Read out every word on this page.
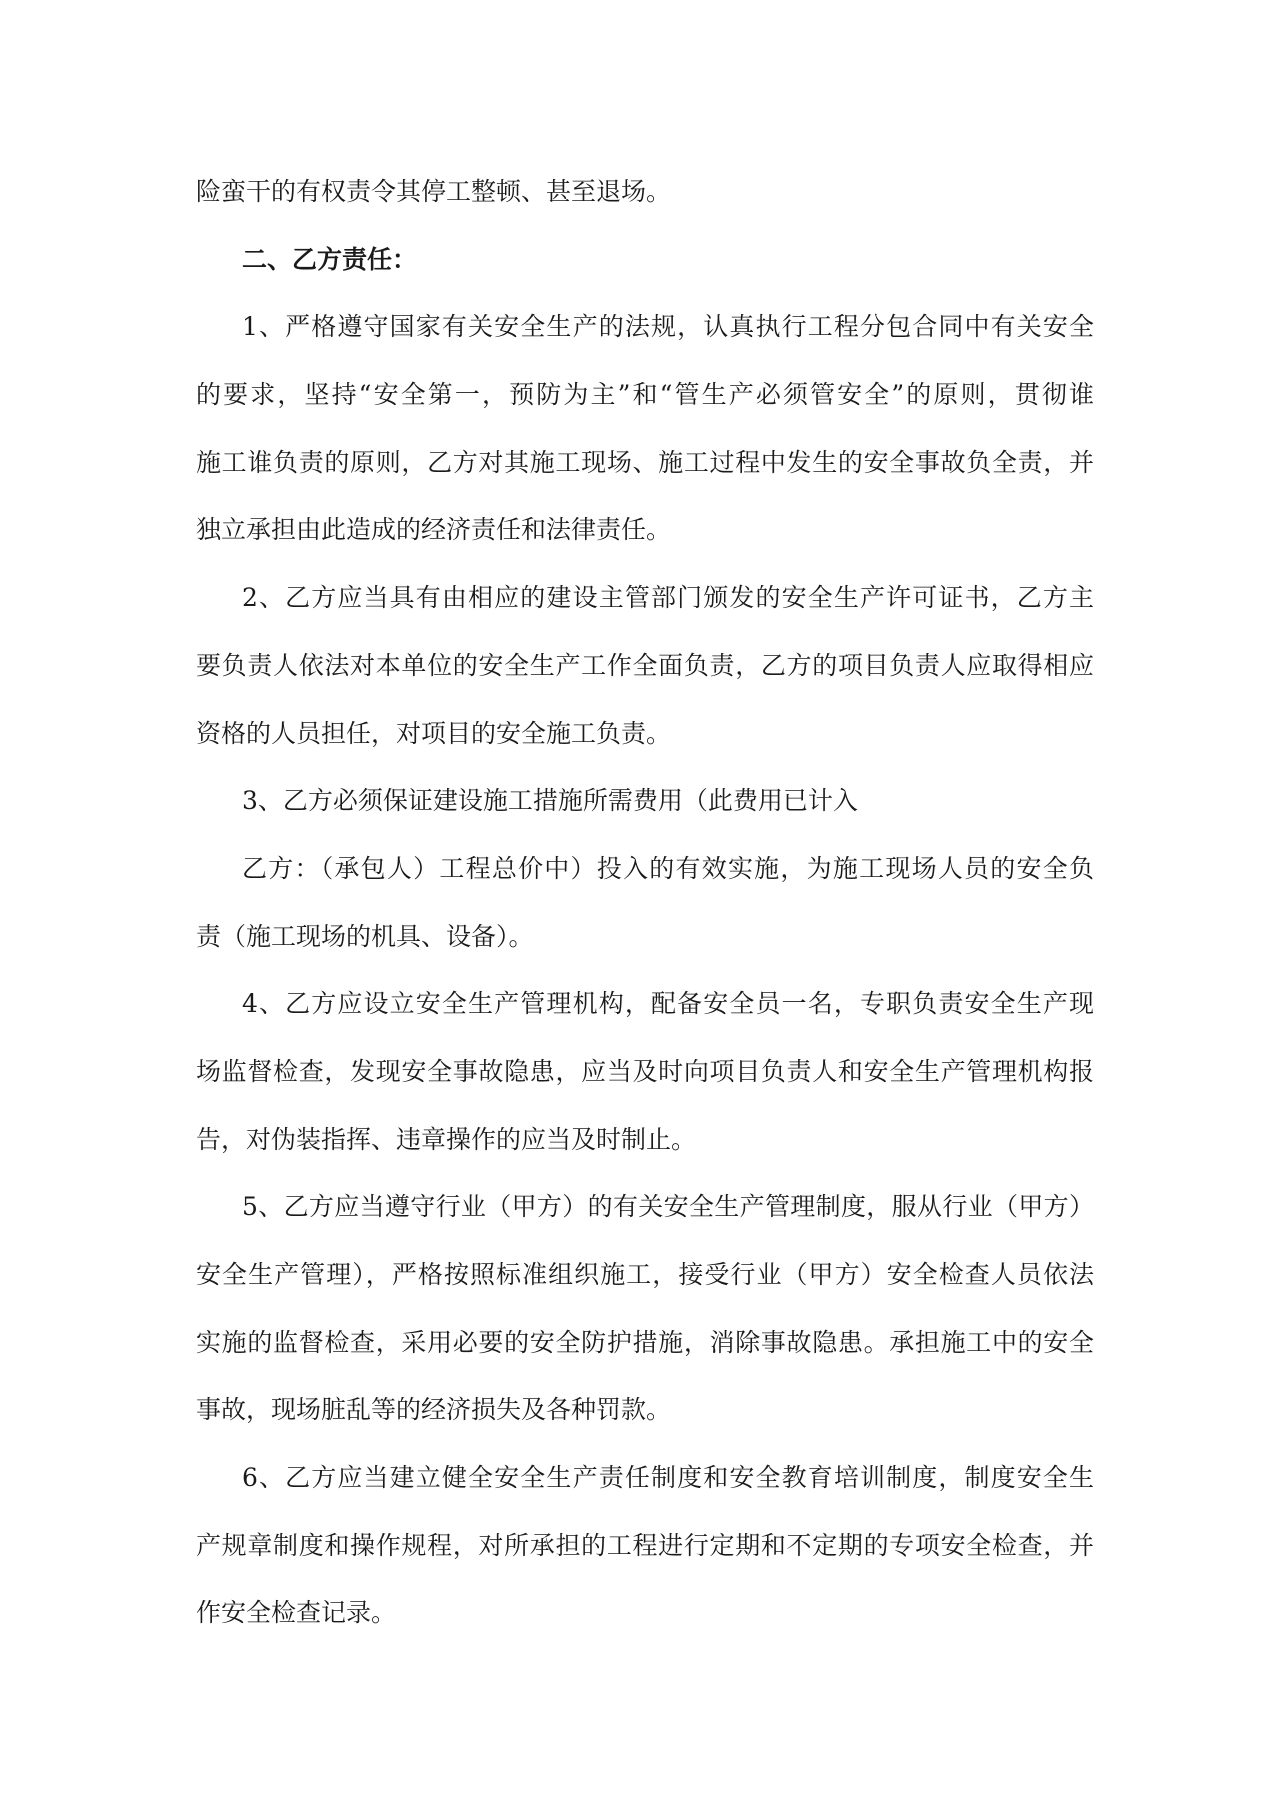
险蛮干的有权责令其停工整顿、甚至退场。
二、乙方责任：
1、严格遵守国家有关安全生产的法规，认真执行工程分包合同中有关安全
的要求，坚持“安全第一，预防为主”和“管生产必须管安全”的原则，贯彻谁
施工谁负责的原则，乙方对其施工现场、施工过程中发生的安全事故负全责，并
独立承担由此造成的经济责任和法律责任。
2、乙方应当具有由相应的建设主管部门颁发的安全生产许可证书，乙方主
要负责人依法对本单位的安全生产工作全面负责，乙方的项目负责人应取得相应
资格的人员担任，对项目的安全施工负责。
3、乙方必须保证建设施工措施所需费用（此费用已计入
乙方：（承包人）工程总价中）投入的有效实施，为施工现场人员的安全负
责（施工现场的机具、设备）。
4、乙方应设立安全生产管理机构，配备安全员一名，专职负责安全生产现
场监督检查，发现安全事故隐患，应当及时向项目负责人和安全生产管理机构报
告，对伪装指挥、违章操作的应当及时制止。
5、乙方应当遵守行业（甲方）的有关安全生产管理制度，服从行业（甲方）
安全生产管理），严格按照标准组织施工，接受行业（甲方）安全检查人员依法
实施的监督检查，采用必要的安全防护措施，消除事故隐患。承担施工中的安全
事故，现场脏乱等的经济损失及各种罚款。
6、乙方应当建立健全安全生产责任制度和安全教育培训制度，制度安全生
产规章制度和操作规程，对所承担的工程进行定期和不定期的专项安全检查，并
作安全检查记录。
